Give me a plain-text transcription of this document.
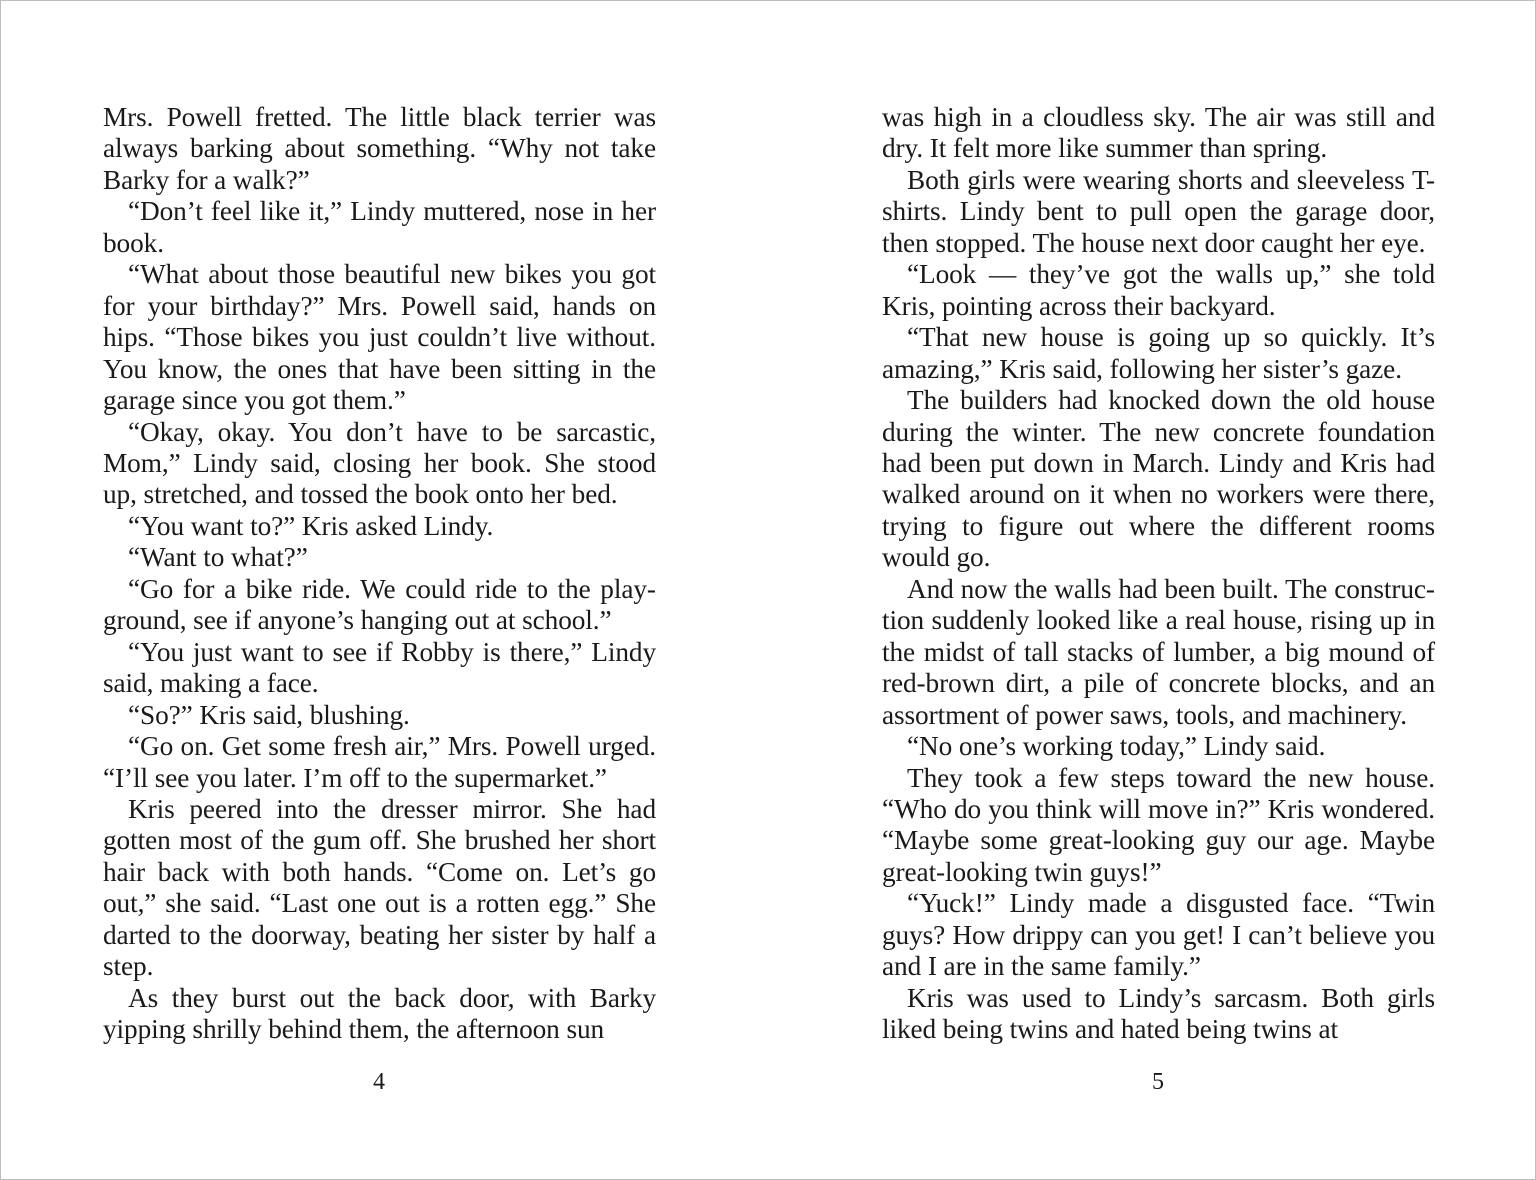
Mrs. Powell fretted. The little black terrier was always barking about something. “Why not take Barky for a walk?”

“Don’t feel like it,” Lindy muttered, nose in her book.

“What about those beautiful new bikes you got for your birthday?” Mrs. Powell said, hands on hips. “Those bikes you just couldn’t live without. You know, the ones that have been sitting in the garage since you got them.”

“Okay, okay. You don’t have to be sarcastic, Mom,” Lindy said, closing her book. She stood up, stretched, and tossed the book onto her bed.

“You want to?” Kris asked Lindy.

“Want to what?”

“Go for a bike ride. We could ride to the playground, see if anyone’s hanging out at school.”

“You just want to see if Robby is there,” Lindy said, making a face.

“So?” Kris said, blushing.

“Go on. Get some fresh air,” Mrs. Powell urged. “I’ll see you later. I’m off to the supermarket.”

Kris peered into the dresser mirror. She had gotten most of the gum off. She brushed her short hair back with both hands. “Come on. Let’s go out,” she said. “Last one out is a rotten egg.” She darted to the doorway, beating her sister by half a step.

As they burst out the back door, with Barky yipping shrilly behind them, the afternoon sun

4

was high in a cloudless sky. The air was still and dry. It felt more like summer than spring.

Both girls were wearing shorts and sleeveless T-shirts. Lindy bent to pull open the garage door, then stopped. The house next door caught her eye.

“Look — they’ve got the walls up,” she told Kris, pointing across their backyard.

“That new house is going up so quickly. It’s amazing,” Kris said, following her sister’s gaze.

The builders had knocked down the old house during the winter. The new concrete foundation had been put down in March. Lindy and Kris had walked around on it when no workers were there, trying to figure out where the different rooms would go.

And now the walls had been built. The construction suddenly looked like a real house, rising up in the midst of tall stacks of lumber, a big mound of red-brown dirt, a pile of concrete blocks, and an assortment of power saws, tools, and machinery.

“No one’s working today,” Lindy said.

They took a few steps toward the new house. “Who do you think will move in?” Kris wondered. “Maybe some great-looking guy our age. Maybe great-looking twin guys!”

“Yuck!” Lindy made a disgusted face. “Twin guys? How drippy can you get! I can’t believe you and I are in the same family.”

Kris was used to Lindy’s sarcasm. Both girls liked being twins and hated being twins at

5
